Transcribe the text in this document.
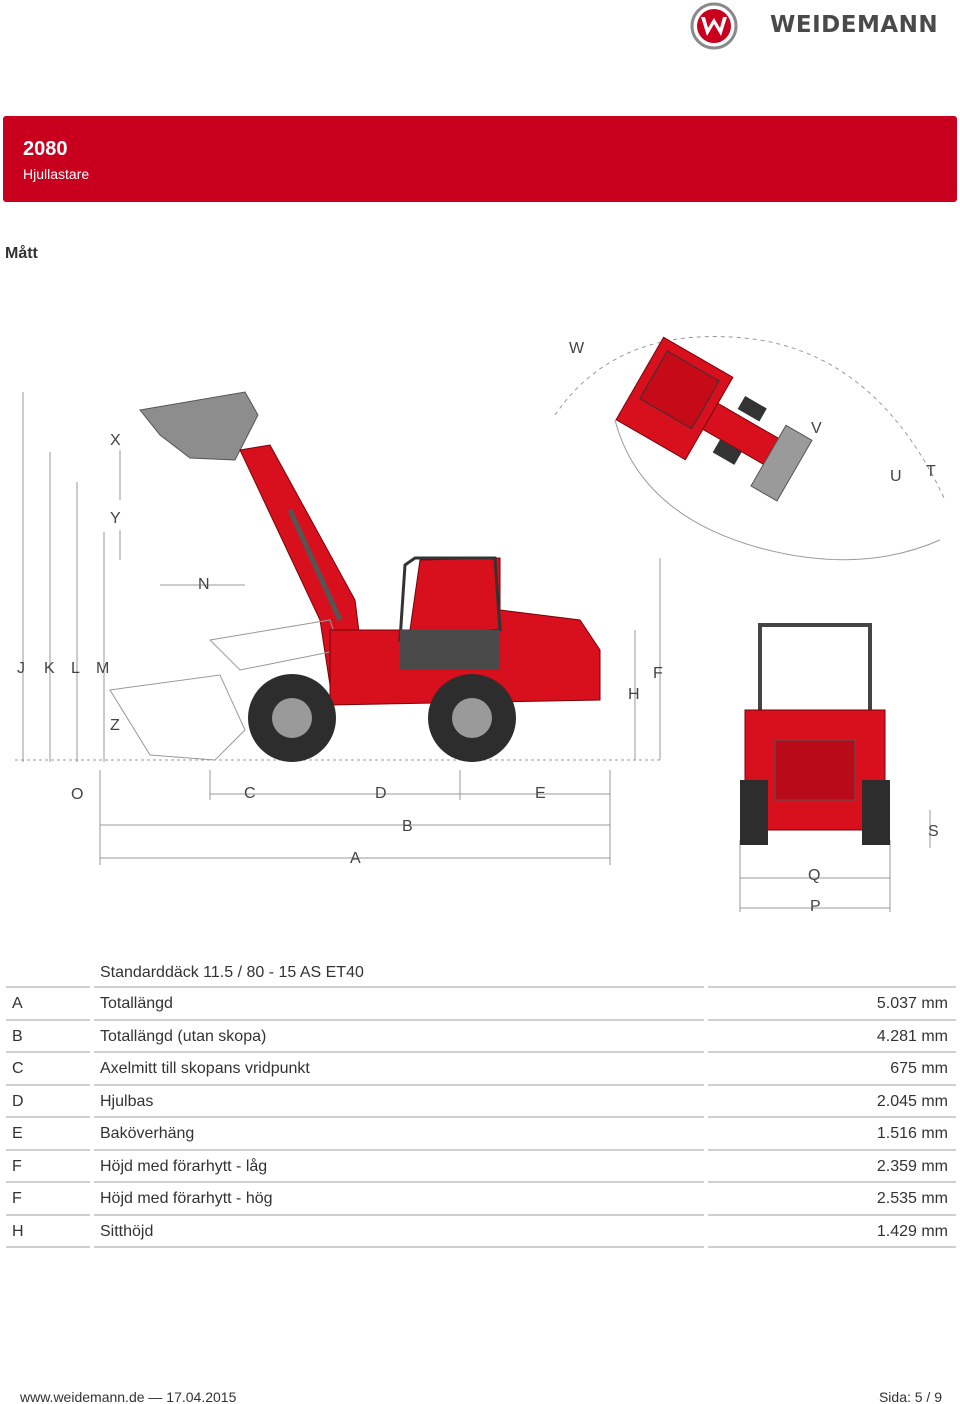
WEIDEMANN
2080
Hjullastare
Mått
J K L M
X
Y
N
Z
O	C	D	E
B
A
F
H
W
V
U T
S
Q
P
Standarddäck 11.5 / 80 - 15 AS ET40
A	Totallängd	5.037 mm
B	Totallängd (utan skopa)	4.281 mm
C	Axelmitt till skopans vridpunkt	675 mm
D	Hjulbas	2.045 mm
E	Baköverhäng	1.516 mm
F	Höjd med förarhytt - låg	2.359 mm
F	Höjd med förarhytt - hög	2.535 mm
H	Sitthöjd	1.429 mm
www.weidemann.de — 17.04.2015	Sida: 5 / 9
